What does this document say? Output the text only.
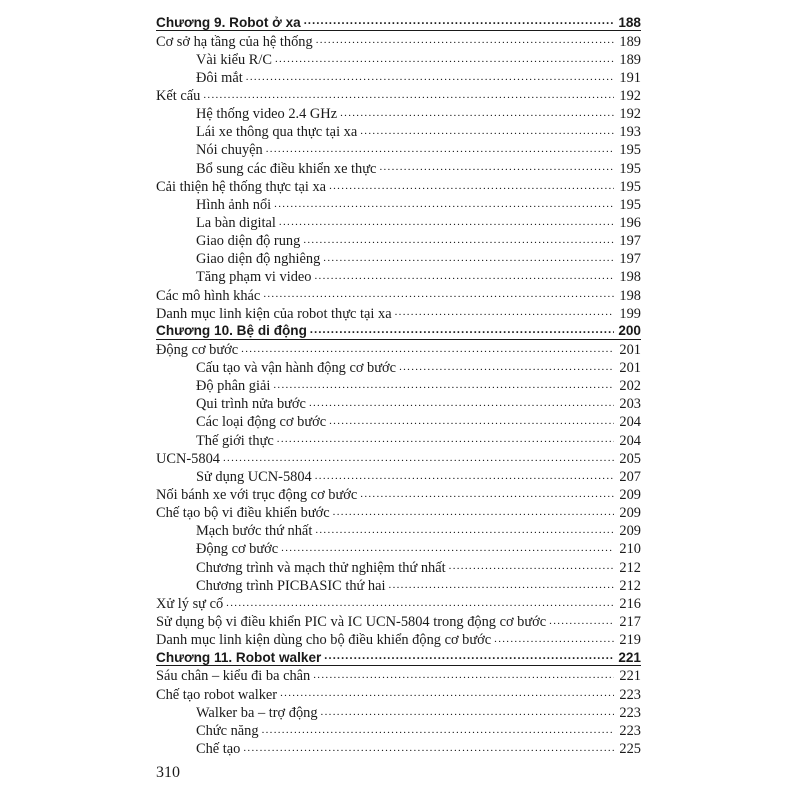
Chương 9. Robot ở xa .....	188
Cơ sở hạ tầng của hệ thống .....	189
Vài kiểu R/C .....	189
Đôi mắt .....	191
Kết cấu .....	192
Hệ thống video 2.4 GHz .....	192
Lái xe thông qua thực tại xa .....	193
Nói chuyện .....	195
Bổ sung các điều khiển xe thực .....	195
Cải thiện hệ thống thực tại xa .....	195
Hình ảnh nổi .....	195
La bàn digital .....	196
Giao diện độ rung .....	197
Giao diện độ nghiêng .....	197
Tăng phạm vi video .....	198
Các mô hình khác .....	198
Danh mục linh kiện của robot thực tại xa .....	199
Chương 10. Bệ di động .....	200
Động cơ bước .....	201
Cấu tạo và vận hành động cơ bước .....	201
Độ phân giải .....	202
Qui trình nửa bước .....	203
Các loại động cơ bước .....	204
Thế giới thực .....	204
UCN-5804 .....	205
Sử dụng UCN-5804 .....	207
Nối bánh xe với trục động cơ bước .....	209
Chế tạo bộ vi điều khiển bước .....	209
Mạch bước thứ nhất .....	209
Động cơ bước .....	210
Chương trình và mạch thử nghiệm thứ nhất .....	212
Chương trình PICBASIC thứ hai .....	212
Xử lý sự cố .....	216
Sử dụng bộ vi điều khiển PIC và IC UCN-5804 trong động cơ bước .....	217
Danh mục linh kiện dùng cho bộ điều khiển động cơ bước .....	219
Chương 11. Robot walker .....	221
Sáu chân – kiểu đi ba chân .....	221
Chế tạo robot walker .....	223
Walker ba – trợ động .....	223
Chức năng .....	223
Chế tạo .....	225
310
